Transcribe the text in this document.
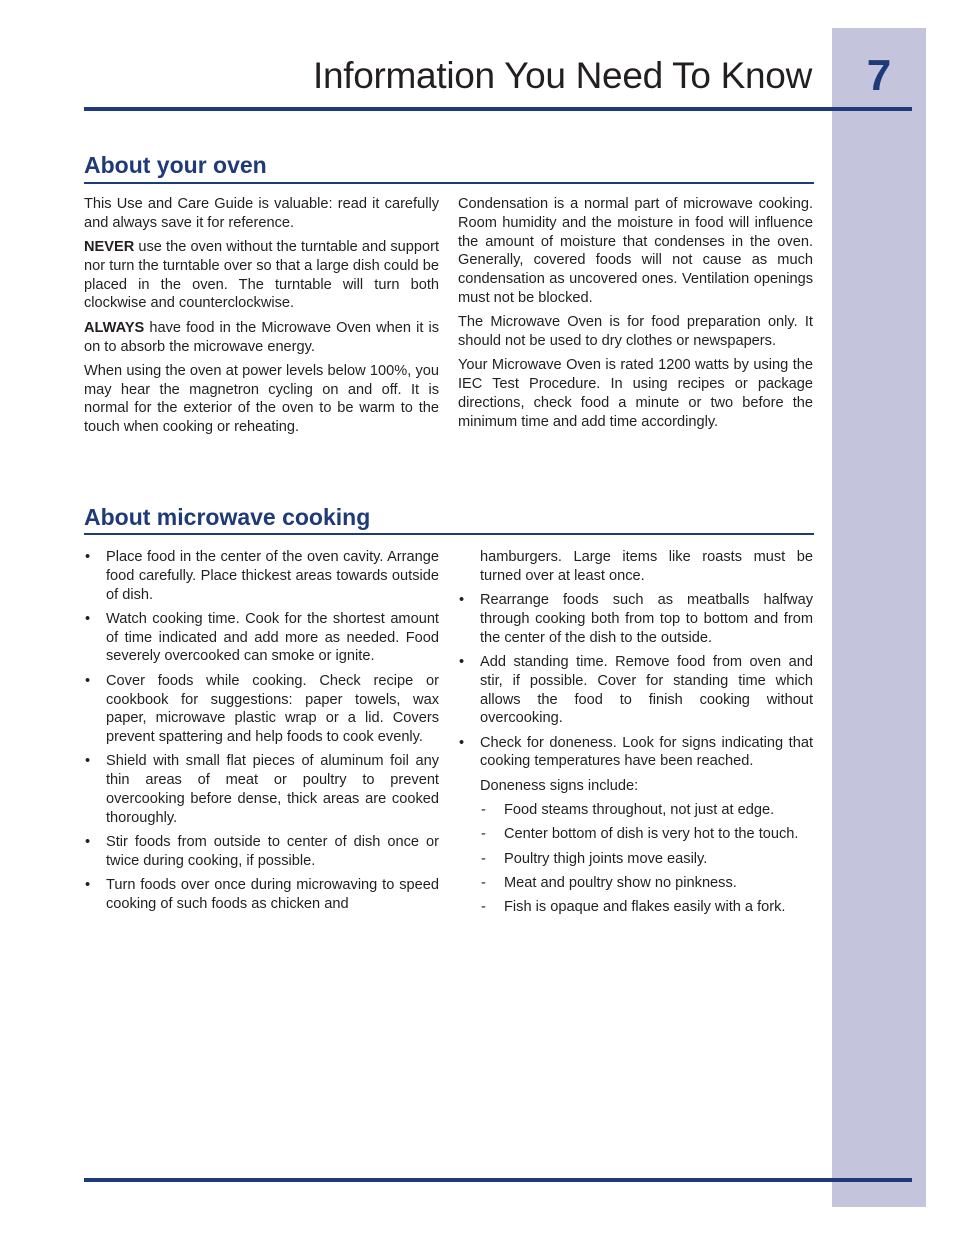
7
Information You Need To Know
About your oven

This Use and Care Guide is valuable: read it carefully and always save it for reference.

NEVER use the oven without the turntable and support nor turn the turntable over so that a large dish could be placed in the oven. The turntable will turn both clockwise and counterclockwise.

ALWAYS have food in the Microwave Oven when it is on to absorb the microwave energy.

When using the oven at power levels below 100%, you may hear the magnetron cycling on and off. It is normal for the exterior of the oven to be warm to the touch when cooking or reheating.

Condensation is a normal part of microwave cooking. Room humidity and the moisture in food will influence the amount of moisture that condenses in the oven. Generally, covered foods will not cause as much condensation as uncovered ones. Ventilation openings must not be blocked.

The Microwave Oven is for food preparation only. It should not be used to dry clothes or newspapers.

Your Microwave Oven is rated 1200 watts by using the IEC Test Procedure. In using recipes or package directions, check food a minute or two before the minimum time and add time accordingly.

About microwave cooking
• Place food in the center of the oven cavity. Arrange food carefully. Place thickest areas towards outside of dish.
• Watch cooking time. Cook for the shortest amount of time indicated and add more as needed. Food severely overcooked can smoke or ignite.
• Cover foods while cooking. Check recipe or cookbook for suggestions: paper towels, wax paper, microwave plastic wrap or a lid. Covers prevent spattering and help foods to cook evenly.
• Shield with small flat pieces of aluminum foil any thin areas of meat or poultry to prevent overcooking before dense, thick areas are cooked thoroughly.
• Stir foods from outside to center of dish once or twice during cooking, if possible.
• Turn foods over once during microwaving to speed cooking of such foods as chicken and
hamburgers. Large items like roasts must be turned over at least once.
• Rearrange foods such as meatballs halfway through cooking both from top to bottom and from the center of the dish to the outside.
• Add standing time. Remove food from oven and stir, if possible. Cover for standing time which allows the food to finish cooking without overcooking.
• Check for doneness. Look for signs indicating that cooking temperatures have been reached.

Doneness signs include:

- Food steams throughout, not just at edge.
- Center bottom of dish is very hot to the touch.
- Poultry thigh joints move easily.
- Meat and poultry show no pinkness.
- Fish is opaque and flakes easily with a fork.
